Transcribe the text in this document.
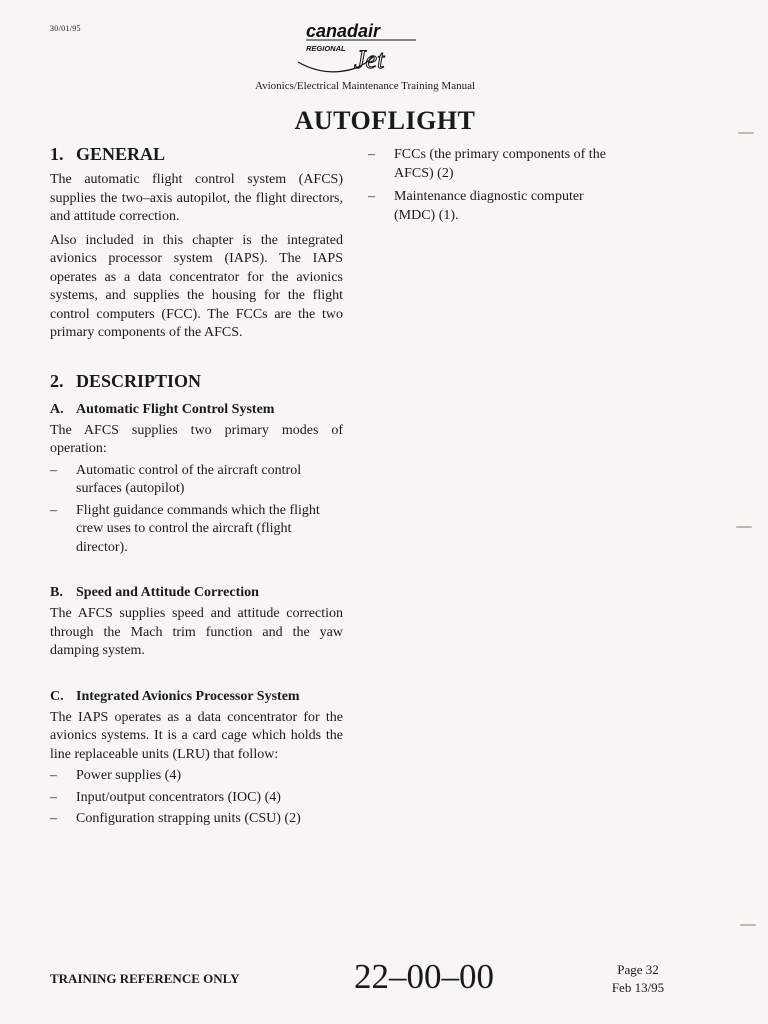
30/01/95	canadair
REGIONAL Jet
Avionics/Electrical Maintenance Training Manual
AUTOFLIGHT
1. GENERAL

The automatic flight control system (AFCS) supplies the two–axis autopilot, the flight directors, and attitude correction.

Also included in this chapter is the integrated avionics processor system (IAPS). The IAPS operates as a data concentrator for the avionics systems, and supplies the housing for the flight control computers (FCC). The FCCs are the two primary components of the AFCS.

2. DESCRIPTION
A. Automatic Flight Control System

The AFCS supplies two primary modes of operation:

– Automatic control of the aircraft control surfaces (autopilot)
– Flight guidance commands which the flight crew uses to control the aircraft (flight director).
B. Speed and Attitude Correction

The AFCS supplies speed and attitude correction through the Mach trim function and the yaw damping system.

C. Integrated Avionics Processor System

The IAPS operates as a data concentrator for the avionics systems. It is a card cage which holds the line replaceable units (LRU) that follow:

– Power supplies (4)
– Input/output concentrators (IOC) (4)
– Configuration strapping units (CSU) (2)
– FCCs (the primary components of the AFCS) (2)
– Maintenance diagnostic computer (MDC) (1).
TRAINING REFERENCE ONLY	22–00–00	Page 32
Feb 13/95
